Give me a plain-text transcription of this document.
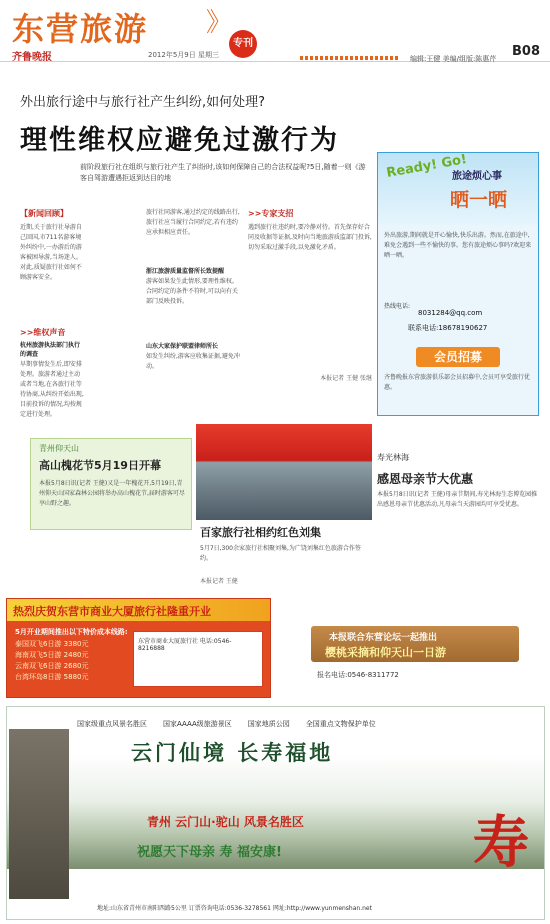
东营旅游 》
专刊
齐鲁晚报	2012年5月9日 星期三	编辑:王健 美编/组版:陈惠芹 B08
外出旅行途中与旅行社产生纠纷,如何处理?
理性维权应避免过激行为
前阶段旅行社在组织与旅行社产生了纠纷时,该如何保障自己的合法权益呢?5日,随着一则《游客自驾游遭遇拒返到达目的地
【新闻回顾】
近期,关于旅行社导游自己回国,市711名游客境外纠纷中,一办游后的游客被困导游,当场迷人。对此,质疑旅行社如何不顾游客安全。
>>维权声音
杭州旅游执法部门执行的调查
早期事情发生后,即安排处理。旅游者通过主动或者当地,在各旅行社等待协商,从纠纷开始出现,目前投诉的情况,均按规定进行处理。
旅行社同游客,通过约定的线路出行,旅行社应当履行合同约定,若有违约应承担相应责任。
浙江旅游质量监督所长致提醒
游客如果发生此情形,要理性维权。合同约定的条件不符时,可以向有关部门反映投诉。
山东大家保护联盟律师所长
如发生纠纷,游客应收集证据,避免冲动。
>>专家支招
遇到旅行社违约时,要冷静对待。首先保存好合同及收据等证据,及时向当地旅游质监部门投诉,切勿采取过激手段,以免激化矛盾。
本报记者 王健 张继
Ready! Go!
旅途烦心事
晒一晒
外出旅游,期间就是开心愉快,快乐出游。然而,在旅途中,难免会遇到一些不愉快的事。您有旅途烦心事吗?欢迎来晒一晒。
热线电话:
8031284@qq.com
联系电话:18678190627
会员招募
齐鲁晚报东营旅游俱乐部会员招募中,会员可享受旅行优惠。
青州仰天山
高山槐花节5月19日开幕
本报5月8日讯(记者 王健)又是一年槐花开,5月19日,青州仰天山国家森林公园将举办高山槐花节,届时游客可尽享山野之趣。
百家旅行社相约红色刘集
5月7日,300余家旅行社相聚刘集,为广饶刘集红色旅游合作签约。
本报记者 王健
寿光林海
感恩母亲节大优惠
本报5月8日讯(记者 王健)母亲节期间,寿光林海生态博览园推出感恩母亲节优惠活动,凡母亲当天游园均可享受优惠。
热烈庆贺东营市商业大厦旅行社隆重开业
5月开业期间推出以下特价成本线路:
泰国双飞6日游 3380元
海南双飞5日游 2480元
云南双飞6日游 2680元
台湾环岛8日游 5880元
东营市商业大厦旅行社 电话:0546-8216888
本报联合东营论坛一起推出
樱桃采摘和仰天山一日游
报名电话:0546-8311772
国家级重点风景名胜区 国家AAAA级旅游景区 国家地质公园 全国重点文物保护单位
云门仙境 长寿福地
青州 云门山·驼山 风景名胜区
祝愿天下母亲 寿 福安康!	寿
地址:山东省青州市南阳西路5公里 订票咨询电话:0536-3278561 网址:http://www.yunmenshan.net
